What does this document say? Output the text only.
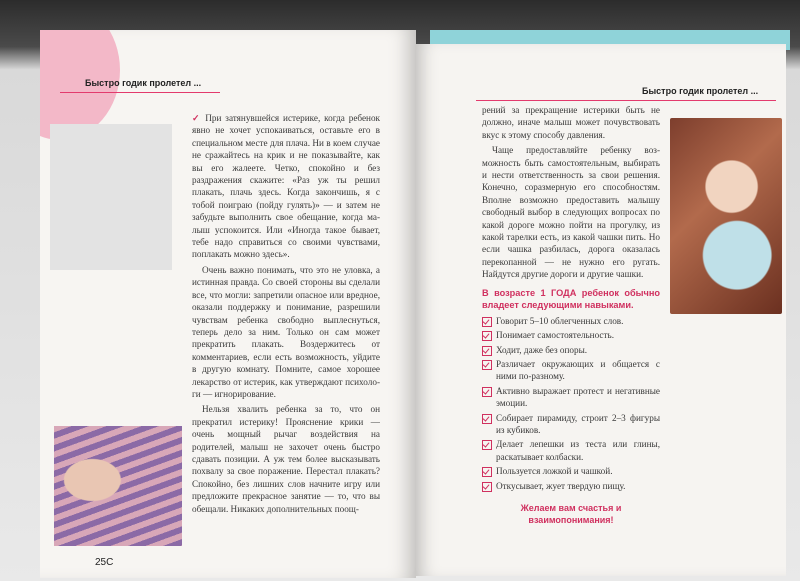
Быстро годик пролетел ...

✓ При затянувшейся истерике, когда ребенок явно не хочет успокаиваться, оставьте его в специальном месте для плача. Ни в коем случае не сражайтесь на крик и не показывайте, как вы его жалеете. Четко, спокойно и без раздражения скажите: «Раз уж ты решил плакать, плачь здесь. Когда закончишь, я с тобой поиграю (пойду гулять)» — и затем не забудьте выполнить свое обещание, когда малыш успокоится. Или «Иногда такое бывает, тебе надо справиться со своими чувствами, поплакать можно здесь».

Очень важно понимать, что это не уловка, а истинная правда. Со своей стороны вы сделали все, что могли: запретили опасное или вредное, оказали поддержку и понимание, разрешили чувствам ребенка свободно выплеснуться, теперь дело за ним. Только он сам может прекратить плакать. Воздержитесь от комментариев, если есть возможность, уйдите в другую комнату. Помните, самое хорошее лекарство от истерик, как утверждают психологи — игнорирование.

Нельзя хвалить ребенка за то, что он прекратил истерику! Прояснение крики — очень мощный рычаг воздействия на родителей, малыш не захочет очень быстро сдавать позиции. А уж тем более высказывать похвалу за свое поражение. Перестал плакать? Спокойно, без лишних слов начните игру или предложите прекрасное занятие — то, что вы обещали. Никаких дополнительных поощ-

25C
Быстро годик пролетел ...

рений за прекращение истерики быть не должно, иначе малыш может почувствовать вкус к этому способу давления.

Чаще предоставляйте ребенку возможность быть самостоятельным, выбирать и нести ответственность за свои решения. Конечно, соразмерную его способностям. Вполне возможно предоставить малышу свободный выбор в следующих вопросах по какой дороге можно пойти на прогулку, из какой тарелки есть, из какой чашки пить. Но если чашка разбилась, дорога оказалась перекопанной — не нужно его ругать. Найдутся другие дороги и другие чашки.

В возрасте 1 ГОДА ребенок обычно владеет следующими навыками.
Говорит 5–10 облегченных слов.
Понимает самостоятельность.
Ходит, даже без опоры.
Различает окружающих и общается с ними по-разному.
Активно выражает протест и негативные эмоции.
Собирает пирамиду, строит 2–3 фигуры из кубиков.
Делает лепешки из теста или глины, раскатывает колбаски.
Пользуется ложкой и чашкой.
Откусывает, жует твердую пищу.
Желаем вам счастья и взаимопонимания!
